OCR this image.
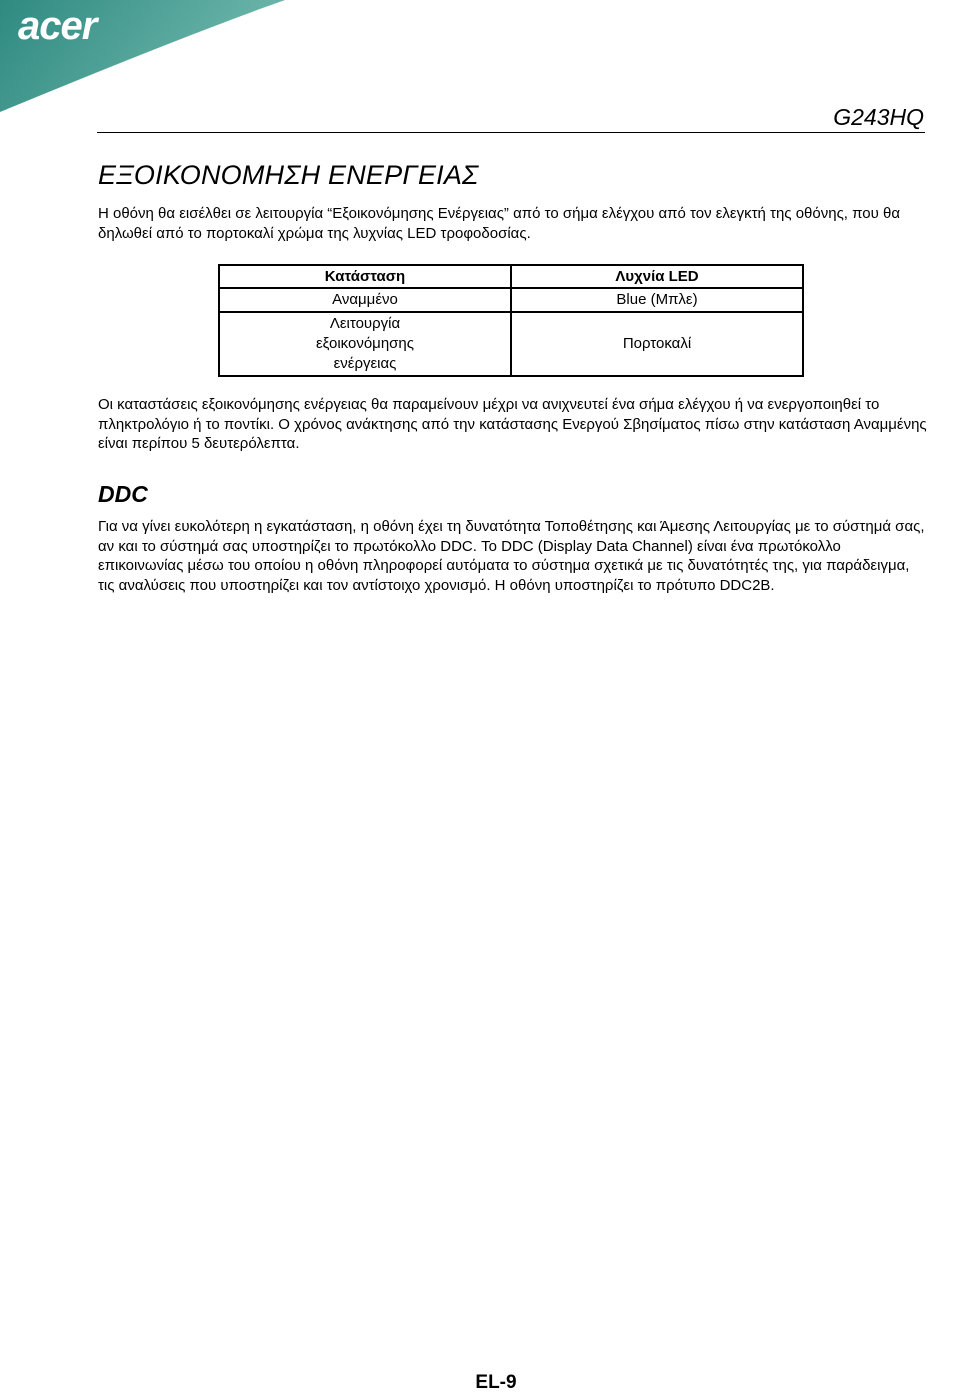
acer
G243HQ
ΕΞΟΙΚΟΝΟΜΗΣΗ ΕΝΕΡΓΕΙΑΣ

Η οθόνη θα εισέλθει σε λειτουργία “Εξοικονόμησης Ενέργειας” από το σήμα ελέγχου από τον ελεγκτή της οθόνης, που θα δηλωθεί από το πορτοκαλί χρώμα της λυχνίας LED τροφοδοσίας.

Κατάσταση	Λυχνία LED

Αναμμένο	Blue (Μπλε)

Λειτουργία
εξοικονόμησης
ενέργειας	Πορτοκαλί

Οι καταστάσεις εξοικονόμησης ενέργειας θα παραμείνουν μέχρι να ανιχνευτεί ένα σήμα ελέγχου ή να ενεργοποιηθεί το πληκτρολόγιο ή το ποντίκι. Ο χρόνος ανάκτησης από την κατάστασης Ενεργού Σβησίματος πίσω στην κατάσταση Αναμμένης είναι περίπου 5 δευτερόλεπτα.

DDC

Για να γίνει ευκολότερη η εγκατάσταση, η οθόνη έχει τη δυνατότητα Τοποθέτησης και Άμεσης Λειτουργίας με το σύστημά σας, αν και το σύστημά σας υποστηρίζει το πρωτόκολλο DDC. Το DDC (Display Data Channel) είναι ένα πρωτόκολλο επικοινωνίας μέσω του οποίου η οθόνη πληροφορεί αυτόματα το σύστημα σχετικά με τις δυνατότητές της, για παράδειγμα, τις αναλύσεις που υποστηρίζει και τον αντίστοιχο χρονισμό. Η οθόνη υποστηρίζει το πρότυπο DDC2B.

EL-9
